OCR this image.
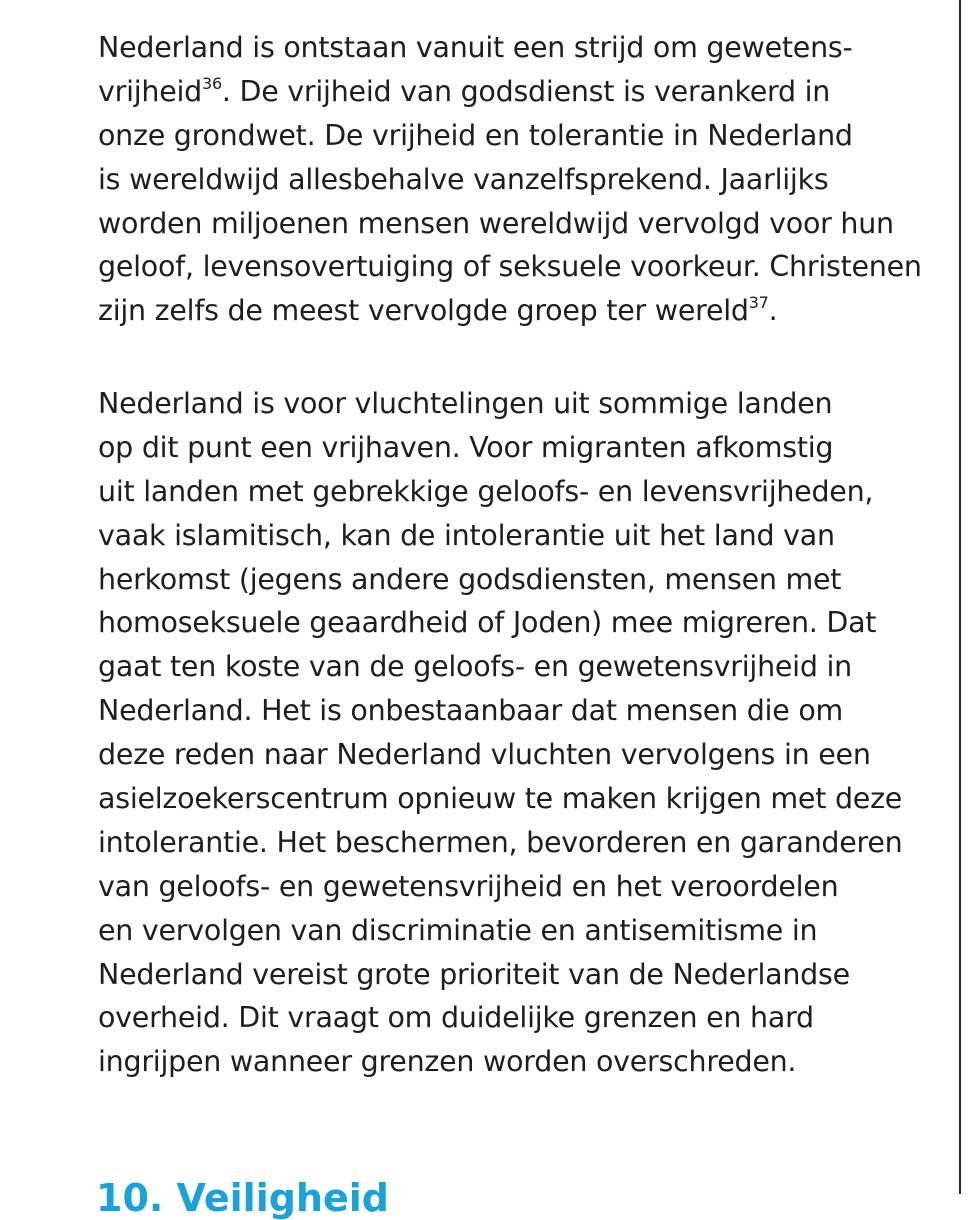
Nederland is ontstaan vanuit een strijd om gewetens-
vrijheid$^{36}$. De vrijheid van godsdienst is verankerd in
onze grondwet. De vrijheid en tolerantie in Nederland
is wereldwijd allesbehalve vanzelfsprekend. Jaarlijks
worden miljoenen mensen wereldwijd vervolgd voor hun
geloof, levensovertuiging of seksuele voorkeur. Christenen
zijn zelfs de meest vervolgde groep ter wereld$^{37}$.

Nederland is voor vluchtelingen uit sommige landen
op dit punt een vrijhaven. Voor migranten afkomstig
uit landen met gebrekkige geloofs- en levensvrijheden,
vaak islamitisch, kan de intolerantie uit het land van
herkomst (jegens andere godsdiensten, mensen met
homoseksuele geaardheid of Joden) mee migreren. Dat
gaat ten koste van de geloofs- en gewetensvrijheid in
Nederland. Het is onbestaanbaar dat mensen die om
deze reden naar Nederland vluchten vervolgens in een
asielzoekerscentrum opnieuw te maken krijgen met deze
intolerantie. Het beschermen, bevorderen en garanderen
van geloofs- en gewetensvrijheid en het veroordelen
en vervolgen van discriminatie en antisemitisme in
Nederland vereist grote prioriteit van de Nederlandse
overheid. Dit vraagt om duidelijke grenzen en hard
ingrijpen wanneer grenzen worden overschreden.

10. Veiligheid
